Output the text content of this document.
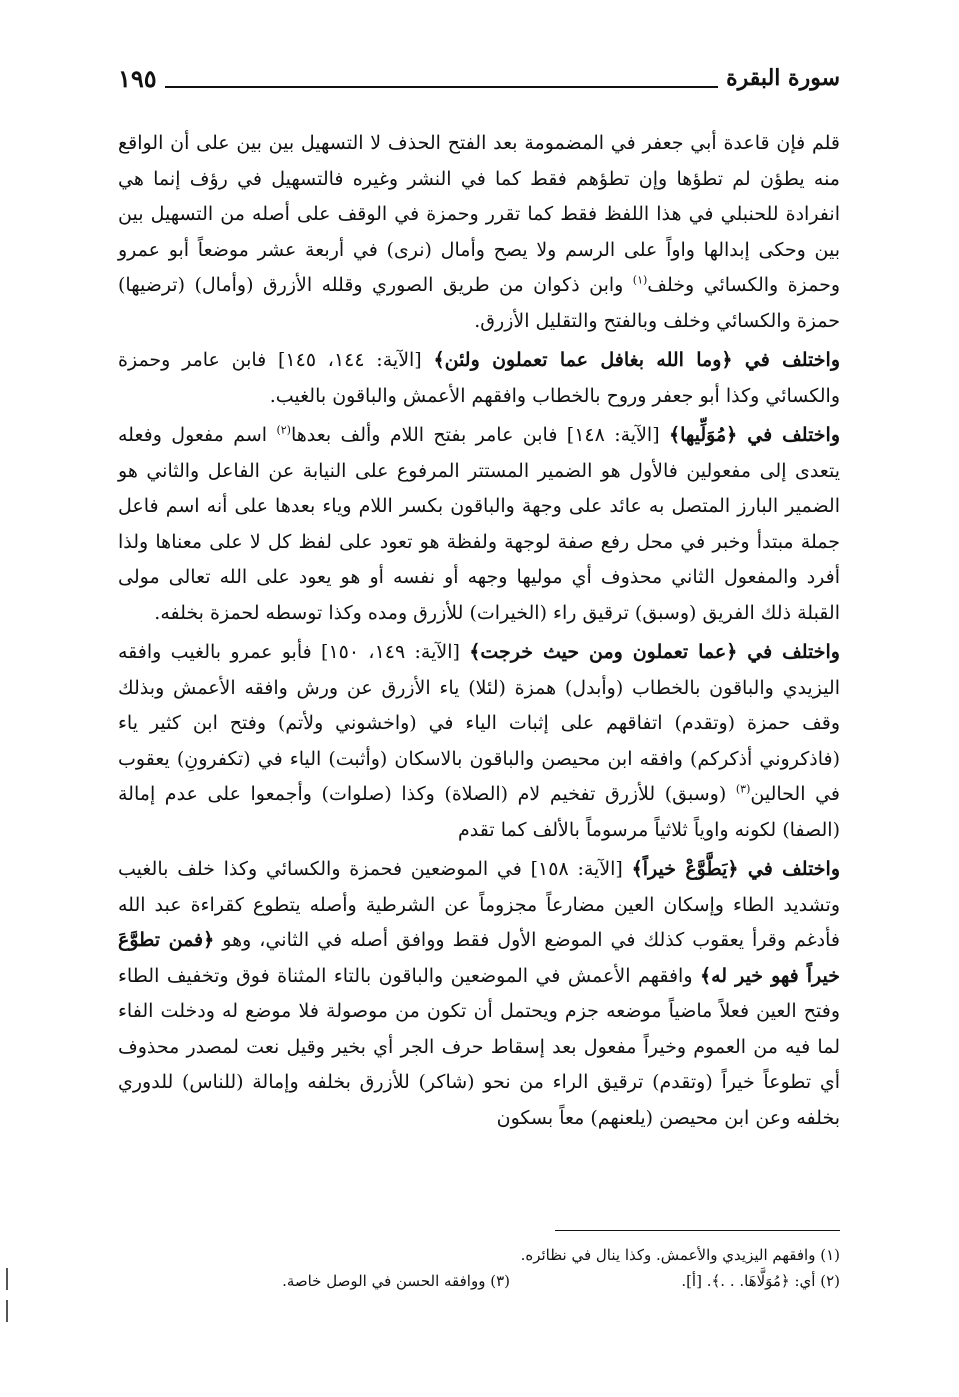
سورة البقرة
١٩٥

قلم فإن قاعدة أبي جعفر في المضمومة بعد الفتح الحذف لا التسهيل بين بين على أن الواقع منه يطؤن لم تطؤها وإن تطؤهم فقط كما في النشر وغيره فالتسهيل في رؤف إنما هي انفرادة للحنبلي في هذا اللفظ فقط كما تقرر وحمزة في الوقف على أصله من التسهيل بين بين وحكى إبدالها واواً على الرسم ولا يصح وأمال (نرى) في أربعة عشر موضعاً أبو عمرو وحمزة والكسائي وخلف$^{(١)}$ وابن ذكوان من طريق الصوري وقلله الأزرق (وأمال) (ترضيها) حمزة والكسائي وخلف وبالفتح والتقليل الأزرق.

واختلف في ﴿وما الله بغافل عما تعملون ولئن﴾ [الآية: ١٤٤، ١٤٥] فابن عامر وحمزة والكسائي وكذا أبو جعفر وروح بالخطاب وافقهم الأعمش والباقون بالغيب.

واختلف في ﴿مُوَلِّيها﴾ [الآية: ١٤٨] فابن عامر بفتح اللام وألف بعدها$^{(٢)}$ اسم مفعول وفعله يتعدى إلى مفعولين فالأول هو الضمير المستتر المرفوع على النيابة عن الفاعل والثاني هو الضمير البارز المتصل به عائد على وجهة والباقون بكسر اللام وياء بعدها على أنه اسم فاعل جملة مبتدأ وخبر في محل رفع صفة لوجهة ولفظة هو تعود على لفظ كل لا على معناها ولذا أفرد والمفعول الثاني محذوف أي موليها وجهه أو نفسه أو هو يعود على الله تعالى مولى القبلة ذلك الفريق (وسبق) ترقيق راء (الخيرات) للأزرق ومده وكذا توسطه لحمزة بخلفه.

واختلف في ﴿عما تعملون ومن حيث خرجت﴾ [الآية: ١٤٩، ١٥٠] فأبو عمرو بالغيب وافقه اليزيدي والباقون بالخطاب (وأبدل) همزة (لئلا) ياء الأزرق عن ورش وافقه الأعمش وبذلك وقف حمزة (وتقدم) اتفاقهم على إثبات الياء في (واخشوني ولأتم) وفتح ابن كثير ياء (فاذكروني أذكركم) وافقه ابن محيصن والباقون بالاسكان (وأثبت) الياء في (تكفرونِ) يعقوب في الحالين$^{(٣)}$ (وسبق) للأزرق تفخيم لام (الصلاة) وكذا (صلوات) وأجمعوا على عدم إمالة (الصفا) لكونه واوياً ثلاثياً مرسوماً بالألف كما تقدم

واختلف في ﴿يَطَّوَّعْ خيراً﴾ [الآية: ١٥٨] في الموضعين فحمزة والكسائي وكذا خلف بالغيب وتشديد الطاء وإسكان العين مضارعاً مجزوماً عن الشرطية وأصله يتطوع كقراءة عبد الله فأدغم وقرأ يعقوب كذلك في الموضع الأول فقط ووافق أصله في الثاني، وهو ﴿فمن تطوَّعَ خيراً فهو خير له﴾ وافقهم الأعمش في الموضعين والباقون بالتاء المثناة فوق وتخفيف الطاء وفتح العين فعلاً ماضياً موضعه جزم ويحتمل أن تكون من موصولة فلا موضع له ودخلت الفاء لما فيه من العموم وخيراً مفعول بعد إسقاط حرف الجر أي بخير وقيل نعت لمصدر محذوف أي تطوعاً خيراً (وتقدم) ترقيق الراء من نحو (شاكر) للأزرق بخلفه وإمالة (للناس) للدوري بخلفه وعن ابن محيصن (يلعنهم) معاً بسكون

(١) وافقهم اليزيدي والأعمش. وكذا ينال في نظائره.
(٢) أي: ﴿مُوَلَّاهَا. . .﴾. [أ].
(٣) ووافقه الحسن في الوصل خاصة.
